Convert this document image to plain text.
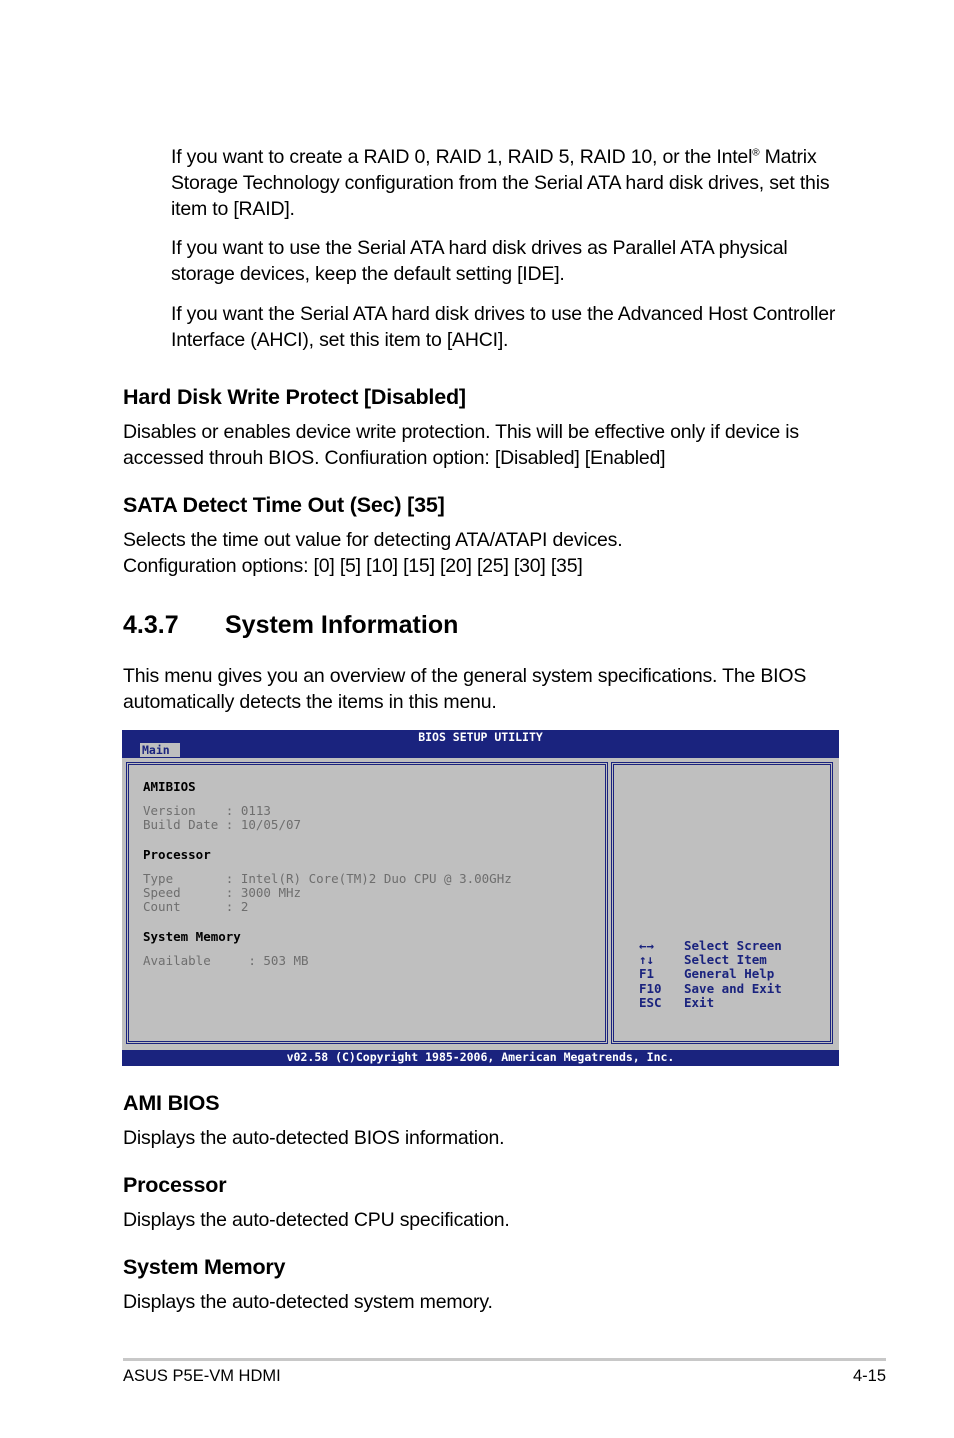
If you want to create a RAID 0, RAID 1, RAID 5, RAID 10, or the Intel® Matrix Storage Technology configuration from the Serial ATA hard disk drives, set this item to [RAID].
If you want to use the Serial ATA hard disk drives as Parallel ATA physical storage devices, keep the default setting [IDE].
If you want the Serial ATA hard disk drives to use the Advanced Host Controller Interface (AHCI), set this item to [AHCI].
Hard Disk Write Protect [Disabled]
Disables or enables device write protection. This will be effective only if device is accessed throuh BIOS. Confiuration option: [Disabled] [Enabled]
SATA Detect Time Out (Sec) [35]
Selects the time out value for detecting ATA/ATAPI devices.
Configuration options: [0] [5] [10] [15] [20] [25] [30] [35]
4.3.7 System Information
This menu gives you an overview of the general system specifications. The BIOS automatically detects the items in this menu.
BIOS SETUP UTILITY
Main
AMIBIOS
Version    : 0113
Build Date : 10/05/07
Processor
Type       : Intel(R) Core(TM)2 Duo CPU @ 3.00GHz
Speed      : 3000 MHz
Count      : 2
System Memory
Available     : 503 MB
←→ Select Screen
↑↓ Select Item
F1 General Help
F10 Save and Exit
ESC Exit
v02.58 (C)Copyright 1985-2006, American Megatrends, Inc.
AMI BIOS
Displays the auto-detected BIOS information.
Processor
Displays the auto-detected CPU specification.
System Memory
Displays the auto-detected system memory.
ASUS P5E-VM HDMI	4-15
